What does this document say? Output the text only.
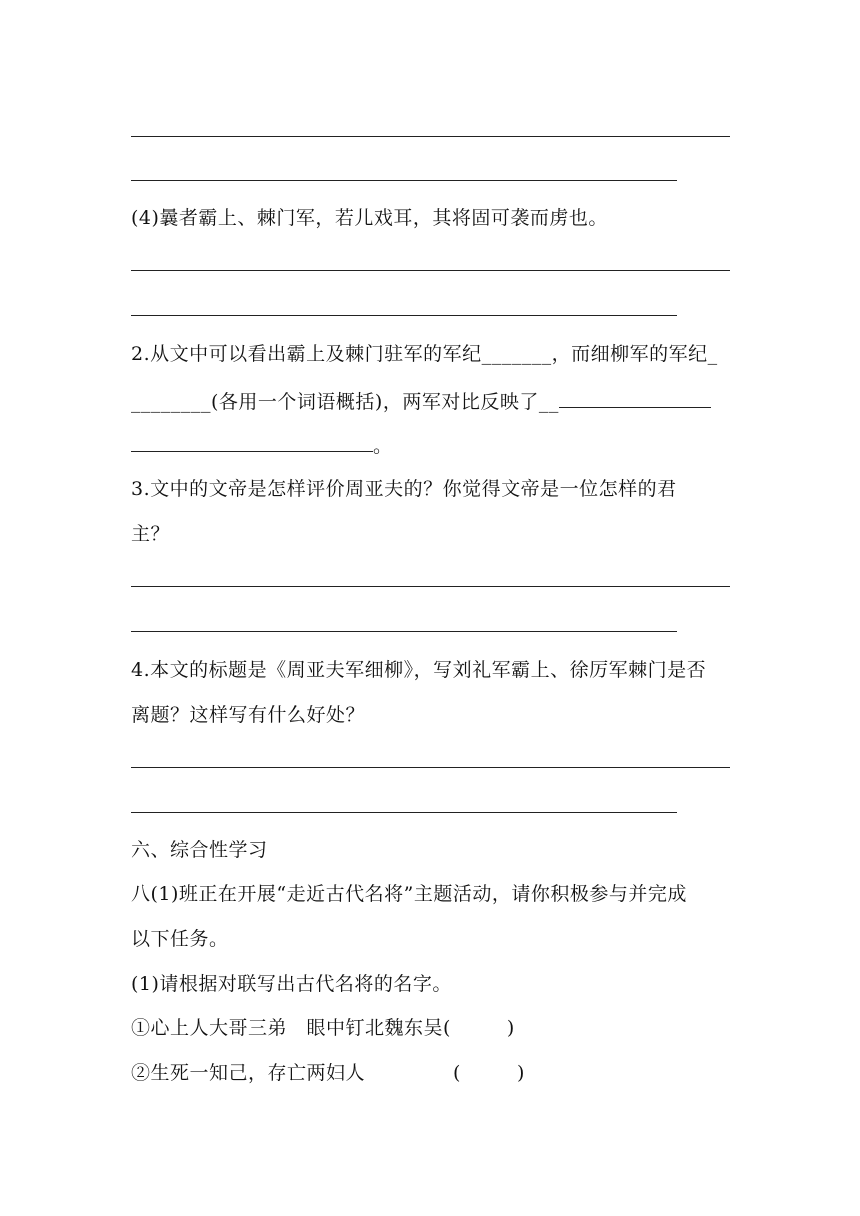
(4)曩者霸上、棘门军，若儿戏耳，其将固可袭而虏也。
2.从文中可以看出霸上及棘门驻军的军纪_______，而细柳军的军纪_
________(各用一个词语概括)，两军对比反映了__
。
3.文中的文帝是怎样评价周亚夫的？你觉得文帝是一位怎样的君
主？
4.本文的标题是《周亚夫军细柳》，写刘礼军霸上、徐厉军棘门是否
离题？这样写有什么好处？
六、综合性学习
八(1)班正在开展“走近古代名将”主题活动，请你积极参与并完成
以下任务。
(1)请根据对联写出古代名将的名字。
①心上人大哥三弟　眼中钉北魏东吴(	)
②生死一知己，存亡两妇人	(	)
